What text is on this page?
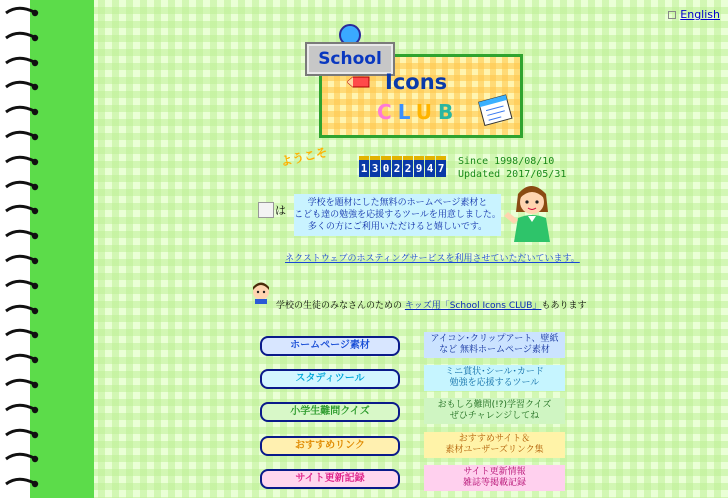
English
School
Icons
CLUB
ようこそ	1 3 0 2 2 9 4 7
Since 1998/08/10
Updated 2017/05/31
は
学校を題材にした無料のホームページ素材と
こども達の勉強を応援するツールを用意しました。
多くの方にご利用いただけると嬉しいです。
ネクストウェブのホスティングサービスを利用させていただいています。
学校の生徒のみなさんのための キッズ用「School Icons CLUB」もあります
ホームページ素材
アイコン･クリップアート、壁紙
など 無料ホームページ素材
スタディツール
ミニ賞状･シール･カード
勉強を応援するツール
小学生難問クイズ
おもしろ難問(!?)学習クイズ
ぜひチャレンジしてね
おすすめリンク
おすすめサイト＆
素材ユーザーズリンク集
サイト更新記録
サイト更新情報
雑誌等掲載記録
